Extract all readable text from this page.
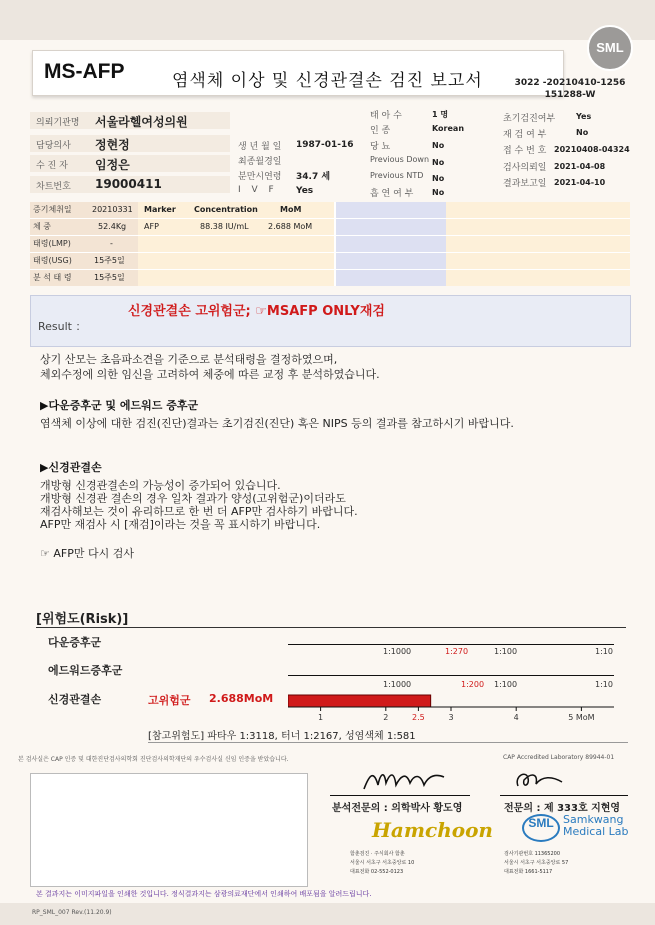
SML
MS-AFP	염색체 이상 및 신경관결손 검진 보고서	3022 -20210410-1256
151288-W
의뢰기관명 서울라헬여성의원
담당의사 정현정
수 진 자 임정은
차트번호 19000411
생 년 월 일 1987-01-16
최종월경일
분만시연령 34.7 세
I V F Yes
태 아 수	1 명
인 종	Korean
당 뇨	No
Previous Down No
Previous NTD No
흡 연 여 부 No
초기검진여부	Yes
재 검 여 부	No
접 수 번 호 20210408-04324
검사의뢰일 2021-04-08
결과보고일 2021-04-10
증기체취일	20210331
체 중	52.4Kg
태령(LMP)	-
태령(USG)	15주5일
분 석 태 령	15주5일
Marker Concentration	MoM
AFP	88.38 IU/mL 2.688 MoM
Result ：
신경관결손 고위험군; ☞MSAFP ONLY재검
상기 산모는 초음파소견을 기준으로 분석태령을 결정하였으며,
체외수정에 의한 임신을 고려하여 체중에 따른 교정 후 분석하였습니다.
▶다운증후군 및 에드워드 증후군
염색체 이상에 대한 검진(진단)결과는 초기검진(진단) 혹은 NIPS 등의 결과를 참고하시기 바랍니다.
▶신경관결손
개방형 신경관결손의 가능성이 증가되어 있습니다.
개방형 신경관 결손의 경우 일차 결과가 양성(고위험군)이더라도
재검사해보는 것이 유리하므로 한 번 더 AFP만 검사하기 바랍니다.
AFP만 재검사 시 [재검]이라는 것을 꼭 표시하기 바랍니다.
☞ AFP만 다시 검사
[위험도(Risk)]
다운증후군
1:1000	1:270	1:100	1:10
에드워드증후군
1:1000	1:200 1:100	1:10
신경관결손	고위험군 2.688MoM
1	2	2.5	3	4	5 MoM
[참고위험도] 파타우 1:3118, 터너 1:2167, 성염색체 1:581
본 검사실은 CAP 인증 및 대한진단검사의학회 진단검사의학재단의 우수검사실 신임 인증을 받았습니다.	CAP Accredited Laboratory 89944-01
분석전문의 : 의학박사 황도영	전문의 : 제 333호 지현영
Hamchoon
함춘검진 · 주식회사 함춘
서울시 서초구 서초중앙로 10
대표전화 02-552-0123
SML Samkwang
Medical Lab
검사기관번호 11365200
서울시 서초구 서초중앙로 57
대표전화 1661-5117
본 결과지는 이미지파일을 인쇄한 것입니다. 정식결과지는 삼광의료재단에서 인쇄하여 배포됨을 알려드립니다.
RP_SML_007 Rev.(11.20.9)
